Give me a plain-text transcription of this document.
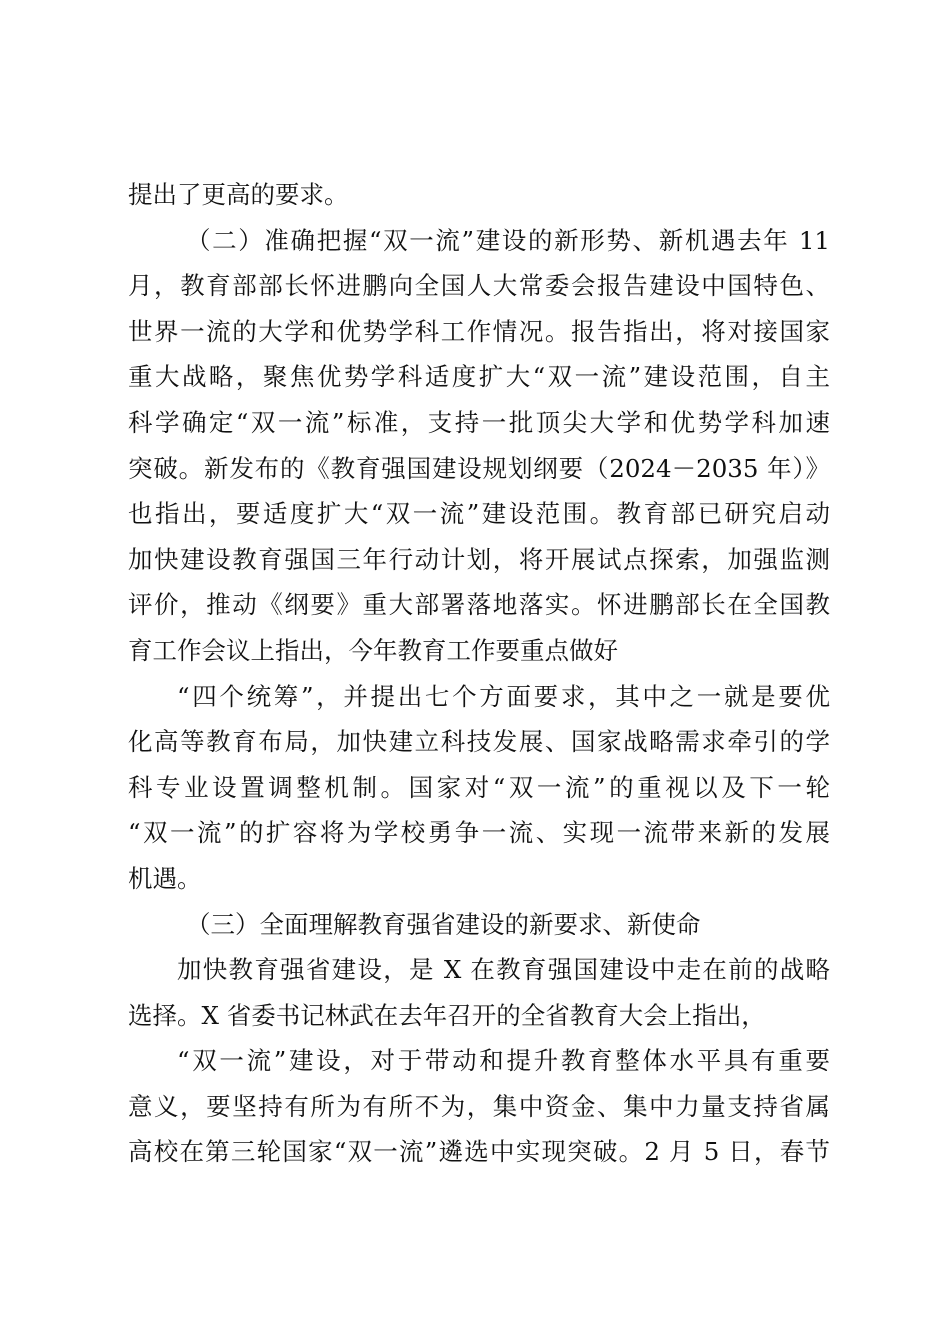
提出了更高的要求。
（二）准确把握“双一流”建设的新形势、新机遇去年 11
月，教育部部长怀进鹏向全国人大常委会报告建设中国特色、
世界一流的大学和优势学科工作情况。报告指出，将对接国家
重大战略，聚焦优势学科适度扩大“双一流”建设范围，自主
科学确定“双一流”标准，支持一批顶尖大学和优势学科加速
突破。新发布的《教育强国建设规划纲要（2024－2035 年）》
也指出，要适度扩大“双一流”建设范围。教育部已研究启动
加快建设教育强国三年行动计划，将开展试点探索，加强监测
评价，推动《纲要》重大部署落地落实。怀进鹏部长在全国教
育工作会议上指出，今年教育工作要重点做好
“四个统筹”，并提出七个方面要求，其中之一就是要优
化高等教育布局，加快建立科技发展、国家战略需求牵引的学
科专业设置调整机制。国家对“双一流”的重视以及下一轮
“双一流”的扩容将为学校勇争一流、实现一流带来新的发展
机遇。
（三）全面理解教育强省建设的新要求、新使命
加快教育强省建设，是 X 在教育强国建设中走在前的战略
选择。X 省委书记林武在去年召开的全省教育大会上指出，
“双一流”建设，对于带动和提升教育整体水平具有重要
意义，要坚持有所为有所不为，集中资金、集中力量支持省属
高校在第三轮国家“双一流”遴选中实现突破。2 月 5 日，春节
